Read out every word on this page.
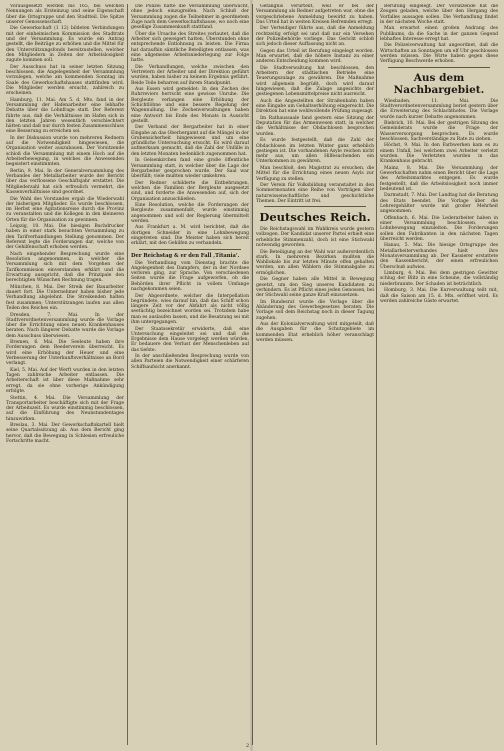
Vorausgesetzt werden bis 165, bei welchen Nennungen als Ersteinzug und seine Eigenschaft über die Ortsgruppe und den Stadtteil. Die Spitze unserer Genossenschaft.

Die Gewerkschaft (1 12) bildeten Verbindungen mit der einheimischen Kommission des Stadtrats und der Versammlung. Es wurde ein Antrag gestellt, die Beiträge zu erhöhen und die Mittel für den Unterstützungsfonds bereitzustellen, welcher den Mitgliedern in Zeiten der Arbeitslosigkeit zugute kommen soll.

Der Ausschuss hat in seiner letzten Sitzung beschlossen, die Angelegenheit der Versammlung vorzulegen, welche am kommenden Sonntag im Saale des Gewerkschaftshauses stattfinden wird. Die Mitglieder werden ersucht, zahlreich zu erscheinen.

Hamburg, 11. Mai. Am 5. d. Mts. fand in der Versammlung der Hafenarbeiter eine lebhafte Debatte über die Lohnfrage statt. Der Referent führte aus, daß die Verhältnisse im Hafen sich in den letzten Jahren wesentlich verschlechtert hätten und daß nur durch festen Zusammenschluss eine Besserung zu erreichen sei.

In der Diskussion wurde von mehreren Rednern auf die Notwendigkeit hingewiesen, die Organisation weiter auszubauen. Der Vorsitzende schloß die Versammlung mit einem Hoch auf die Arbeiterbewegung, in welches die Anwesenden begeistert einstimmten.

Berlin, 9. Mai. In der Generalversammlung des Verbandes der Metallarbeiter wurde der Bericht über das verflossene Geschäftsjahr erstattet. Die Mitgliederzahl hat sich erfreulich vermehrt, die Kassenverhältnisse sind geordnet.

Die Wahl des Vorstandes ergab die Wiederwahl der bisherigen Mitglieder. Es wurde beschlossen, im Herbst eine Agitationsreise durch die Provinz zu veranstalten und die Kollegen in den kleineren Orten für die Organisation zu gewinnen.

Leipzig, 10. Mai. Die hiesigen Buchdrucker haben in einer stark besuchten Versammlung zu den Tarifverhandlungen Stellung genommen. Der Referent legte die Forderungen dar, welche von der Gehilfenschaft erhoben werden.

Nach eingehender Besprechung wurde eine Resolution angenommen, in welcher die Versammlung sich mit dem Vorgehen der Tarifkommission einverstanden erklärt und die Erwartung ausspricht, daß die Prinzipale den berechtigten Wünschen Rechnung tragen.

München, 8. Mai. Der Streik der Bauarbeiter dauert fort. Die Unternehmer haben bisher jede Verhandlung abgelehnt. Die Streikenden halten fest zusammen; Unterstützungen laufen aus allen Teilen des Reiches ein.

Dresden, 7. Mai. In der Stadtverordnetenversammlung wurde die Vorlage über die Errichtung eines neuen Krankenhauses beraten. Nach längerer Debatte wurde die Vorlage dem Ausschuss überwiesen.

Bremen, 6. Mai. Die Seeleute haben ihre Forderungen dem Reederverein überreicht. Es wird eine Erhöhung der Heuer und eine Verbesserung der Unterkunftsverhältnisse an Bord verlangt.

Kiel, 5. Mai. Auf der Werft wurden in den letzten Tagen zahlreiche Arbeiter entlassen. Die Arbeiterschaft ist über diese Maßnahme sehr erregt, da sie ohne vorherige Ankündigung erfolgte.

Stettin, 4. Mai. Die Versammlung der Transportarbeiter beschäftigte sich mit der Frage der Arbeitszeit. Es wurde einstimmig beschlossen, auf die Einführung des Neunstundentages hinzuwirken.

Breslau, 3. Mai. Der Gewerkschaftskartell hielt seine Quartalssitzung ab. Aus dem Bericht ging hervor, daß die Bewegung in Schlesien erfreuliche Fortschritte macht.

Die Polizei hatte die Versammlung überwacht, ohne jedoch einzugreifen. Nach Schluß der Versammlung zogen die Teilnehmer in geordnetem Zuge nach dem Gewerkschaftshause, wo noch eine gesellige Zusammenkunft stattfand.

Über die Ursache des Streites verlautet, daß die Arbeiter sich geweigert hatten, Überstunden ohne entsprechende Entlohnung zu leisten. Die Firma hat daraufhin sämtliche Beteiligten entlassen, was eine allgemeine Arbeitsniederlegung zur Folge hatte.

Die Verhandlungen, welche zwischen den Vertretern der Arbeiter und der Direktion geführt wurden, haben bisher zu keinem Ergebnis geführt. Beide Teile beharren auf ihrem Standpunkt.

Aus Essen wird gemeldet: In den Zechen des Ruhrreviers herrscht eine gewisse Unruhe. Die Bergleute verlangen eine Erhöhung der Schichtlöhne und eine bessere Regelung der Wagennullung. Die Zechenverwaltungen haben eine Antwort bis Ende des Monats in Aussicht gestellt.

Der Verband der Bergarbeiter hat in einer Eingabe an das Oberbergamt auf die Mängel in der Grubensicherheit hingewiesen und um eine gründliche Untersuchung ersucht. Es wird darauf aufmerksam gemacht, daß die Zahl der Unfälle in den letzten Monaten bedenklich zugenommen hat.

In Gelsenkirchen fand eine große öffentliche Versammlung statt, in welcher über die Lage der Bergarbeiter gesprochen wurde. Der Saal war überfüllt; viele mußten wieder umkehren.

Der Redner schilderte die Entbehrungen, welchen die Familien der Bergleute ausgesetzt sind, und forderte die Anwesenden auf, sich der Organisation anzuschließen.

Eine Resolution, welche die Forderungen der Bergleute zusammenfaßt, wurde einstimmig angenommen und soll der Regierung übermittelt werden.

Aus Frankfurt a. M. wird berichtet, daß die dortigen Schneider in eine Lohnbewegung eingetreten sind. Die Meister haben sich bereit erklärt, mit den Gehilfen zu verhandeln.

Der Reichstag & er den Fall ‚Titania‘.

Die Verhandlung vom Dienstag brachte die Angelegenheit des Dampfers, der in der Nordsee verloren ging, zur Sprache. Von verschiedenen Seiten wurde die Frage aufgeworfen, ob die Behörden ihrer Pflicht in vollem Umfange nachgekommen seien.

Der Abgeordnete, welcher die Interpellation begründete, wies darauf hin, daß das Schiff schon längere Zeit vor der Abfahrt als nicht völlig seetüchtig bezeichnet worden sei. Trotzdem habe man es auslaufen lassen, und die Besatzung sei mit ihm untergegangen.

Der Staatssekretär erwiderte, daß eine Untersuchung eingeleitet sei und daß die Ergebnisse dem Hause vorgelegt werden würden. Er bedauere den Verlust der Menschenleben auf das tiefste.

In der anschließenden Besprechung wurde von allen Parteien die Notwendigkeit einer schärferen Schiffsaufsicht anerkannt.

Gefängnis verurteilt, weil er bei der Versammlung als Redner aufgetreten war, ohne die vorgeschriebene Anmeldung bewirkt zu haben. Das Urteil hat in weiten Kreisen Befremden erregt.

Der Verteidiger führte aus, daß die Anmeldung rechtzeitig erfolgt sei und daß nur ein Versehen der Polizeibehörde vorliege. Das Gericht schloß sich jedoch dieser Auffassung nicht an.

Gegen das Urteil ist Berufung eingelegt worden. Man erwartet, daß die höhere Instanz zu einer anderen Entscheidung kommen wird.

Die Stadtverwaltung hat beschlossen, den Arbeitern der städtischen Betriebe eine Teuerungszulage zu gewähren. Die Maßnahme wird allgemein begrüßt, doch wird darauf hingewiesen, daß die Zulage angesichts der gestiegenen Lebensmittelpreise nicht ausreicht.

Auch die Angestellten der Straßenbahn haben eine Eingabe um Gehaltserhöhung eingereicht. Die Direktion hat eine wohlwollende Prüfung zugesagt.

Im Rathaussaale fand gestern eine Sitzung der Deputation für das Armenwesen statt, in welcher die Verhältnisse der Obdachlosen besprochen wurden.

Es wurde festgestellt, daß die Zahl der Obdachlosen im letzten Winter ganz erheblich gestiegen ist. Die vorhandenen Asyle reichen nicht mehr aus, um allen Hilfesuchenden ein Unterkommen zu gewähren.

Man beschloß, den Magistrat zu ersuchen, die Mittel für die Errichtung eines neuen Asyls zur Verfügung zu stellen.

Der Verein für Volksbildung veranstaltet in den Sommermonaten eine Reihe von Vorträgen über naturwissenschaftliche und geschichtliche Themen. Der Eintritt ist frei.

Deutsches Reich.

Die Reichstagswahl im Wahlkreis wurde gestern vollzogen. Der Kandidat unserer Partei erhielt eine erhebliche Stimmenzahl, doch ist eine Stichwahl notwendig geworden.

Die Beteiligung an der Wahl war außerordentlich stark. In mehreren Bezirken mußten die Wahllokale bis zur letzten Minute offen gehalten werden, um allen Wählern die Stimmabgabe zu ermöglichen.

Die Gegner haben alle Mittel in Bewegung gesetzt, um den Sieg unseres Kandidaten zu verhindern. Es ist Pflicht eines jeden Genossen, bei der Stichwahl seine ganze Kraft einzusetzen.

Im Bundesrat wurde die Vorlage über die Abänderung des Gewerbegesetzes beraten. Die Vorlage soll dem Reichstag noch in dieser Tagung zugehen.

Aus der Kolonialverwaltung wird mitgeteilt, daß die Ausgaben für die Schutzgebiete im kommenden Etat erheblich höher veranschlagt werden müssen.

Berufung eingelegt. Der Vorsitzende hat die Zeugen geladen, welche über den Hergang des Vorfalles aussagen sollen. Die Verhandlung findet in der nächsten Woche statt.

Man erwartet einen großen Andrang des Publikums, da die Sache in der ganzen Gegend lebhaftes Interesse erregt hat.

Die Polizeiverwaltung hat angeordnet, daß die Wirtschaften an Sonntagen um elf Uhr geschlossen werden müssen. Die Wirte haben gegen diese Verfügung Beschwerde erhoben.

Aus dem Nachbargebiet.

Wiesbaden, 11. Mai. Die Stadtverordnetenversammlung beriet gestern über die Erweiterung des Schlachthofes. Die Vorlage wurde nach kurzer Debatte angenommen.

Biebrich, 10. Mai. Bei der gestrigen Sitzung des Gemeinderats wurde die Frage der Wasserversorgung besprochen. Es wurde beschlossen, Sachverständige zu Rate zu ziehen.

Höchst, 9. Mai. In den Farbwerken kam es zu einem Unfall, bei welchem zwei Arbeiter verletzt wurden. Die Verletzten wurden in das Krankenhaus gebracht.

Mainz, 8. Mai. Die Versammlung der Gewerkschaften nahm einen Bericht über die Lage des Arbeitsmarktes entgegen. Es wurde festgestellt, daß die Arbeitslosigkeit noch immer bedeutend ist.

Darmstadt, 7. Mai. Der Landtag hat die Beratung des Etats beendet. Die Vorlage über die Lehrergehälter wurde mit großer Mehrheit angenommen.

Offenbach, 6. Mai. Die Lederarbeiter haben in einer Versammlung beschlossen, eine Lohnbewegung einzuleiten. Die Forderungen sollen den Fabrikanten in den nächsten Tagen überreicht werden.

Hanau, 5. Mai. Die hiesige Ortsgruppe des Metallarbeiterverbandes hielt ihre Monatsversammlung ab. Der Kassierer erstattete den Kassenbericht, der einen erfreulichen Überschuß aufwies.

Limburg, 4. Mai. Bei dem gestrigen Gewitter schlug der Blitz in eine Scheune, die vollständig niederbrannte. Der Schaden ist beträchtlich.

Homburg, 3. Mai. Die Kurverwaltung teilt mit, daß die Saison am 15. d. Mts. eröffnet wird. Es werden zahlreiche Gäste erwartet.

2
